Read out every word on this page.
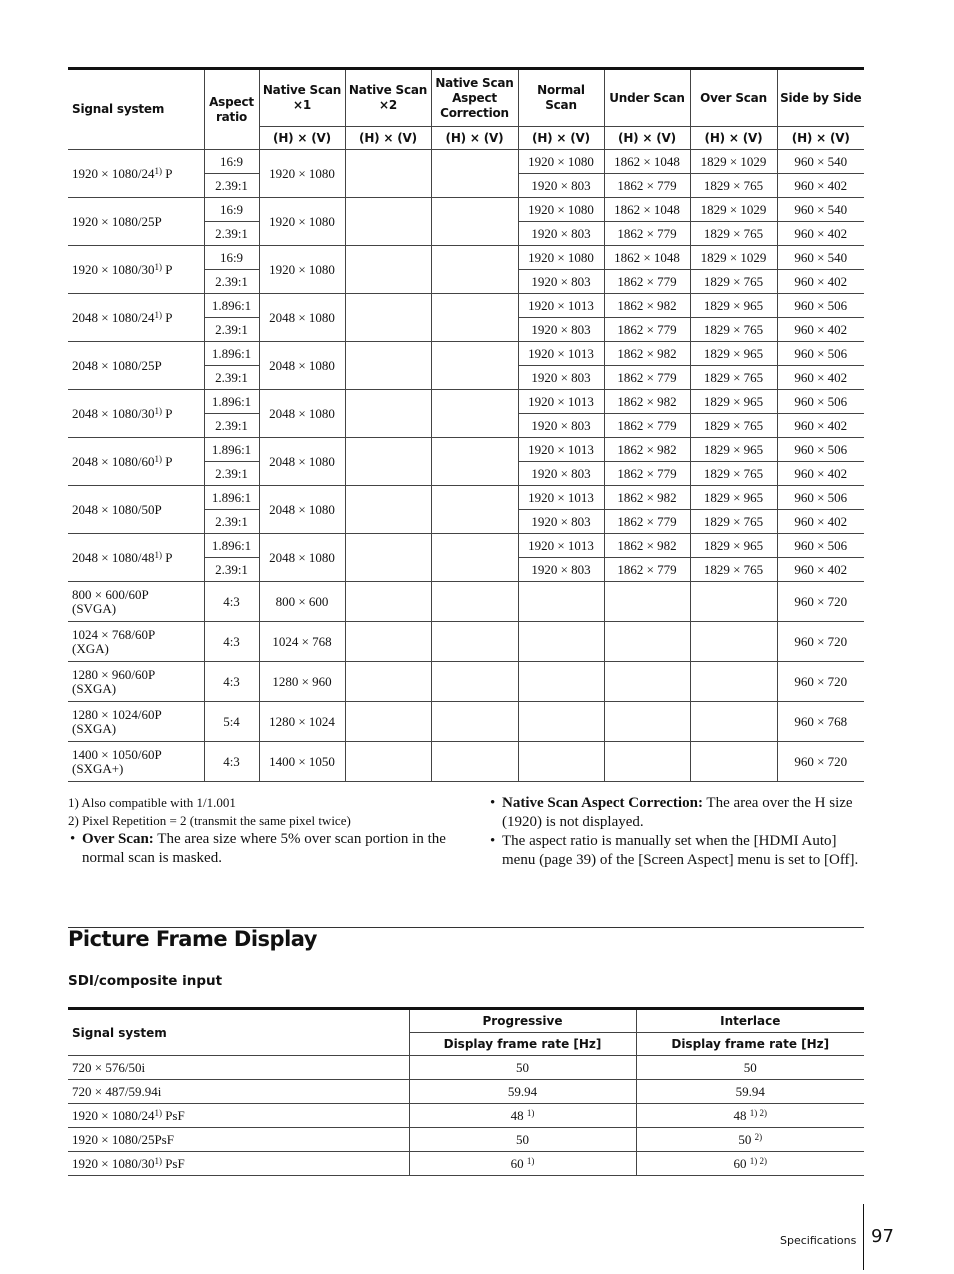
Signal system	Aspect ratio	Native Scan ×1	Native Scan ×2	Native Scan Aspect Correction	Normal Scan	Under Scan	Over Scan	Side by Side
		(H) × (V)	(H) × (V)	(H) × (V)	(H) × (V)	(H) × (V)	(H) × (V)	(H) × (V)
$1920 \times 1080/24^{1)}$ P	16:9	1920 × 1080			1920 × 1080	1862 × 1048	1829 × 1029	960 × 540
	2.39:1				1920 × 803	1862 × 779	1829 × 765	960 × 402
1920 × 1080/25P	16:9	1920 × 1080			1920 × 1080	1862 × 1048	1829 × 1029	960 × 540
	2.39:1				1920 × 803	1862 × 779	1829 × 765	960 × 402
$1920 \times 1080/30^{1)}$ P	16:9	1920 × 1080			1920 × 1080	1862 × 1048	1829 × 1029	960 × 540
	2.39:1				1920 × 803	1862 × 779	1829 × 765	960 × 402
$2048 \times 1080/24^{1)}$ P	1.896:1	2048 × 1080			1920 × 1013	1862 × 982	1829 × 965	960 × 506
	2.39:1				1920 × 803	1862 × 779	1829 × 765	960 × 402
2048 × 1080/25P	1.896:1	2048 × 1080			1920 × 1013	1862 × 982	1829 × 965	960 × 506
	2.39:1				1920 × 803	1862 × 779	1829 × 765	960 × 402
$2048 \times 1080/30^{1)}$ P	1.896:1	2048 × 1080			1920 × 1013	1862 × 982	1829 × 965	960 × 506
	2.39:1				1920 × 803	1862 × 779	1829 × 765	960 × 402
$2048 \times 1080/60^{1)}$ P	1.896:1	2048 × 1080			1920 × 1013	1862 × 982	1829 × 965	960 × 506
	2.39:1				1920 × 803	1862 × 779	1829 × 765	960 × 402
2048 × 1080/50P	1.896:1	2048 × 1080			1920 × 1013	1862 × 982	1829 × 965	960 × 506
	2.39:1				1920 × 803	1862 × 779	1829 × 765	960 × 402
$2048 \times 1080/48^{1)}$ P	1.896:1	2048 × 1080			1920 × 1013	1862 × 982	1829 × 965	960 × 506
	2.39:1				1920 × 803	1862 × 779	1829 × 765	960 × 402

800 × 600/60P
(SVGA)	4:3	800 × 600						960 × 720

1024 × 768/60P
(XGA)	4:3	1024 × 768						960 × 720

1280 × 960/60P
(SXGA)	4:3	1280 × 960						960 × 720

1280 × 1024/60P
(SXGA)	5:4	1280 × 1024						960 × 768

1400 × 1050/60P
(SXGA+)	4:3	1400 × 1050						960 × 720
1) Also compatible with 1/1.001
2) Pixel Repetition = 2 (transmit the same pixel twice)
• Over Scan: The area size where 5% over scan portion in the normal scan is masked.
• Native Scan Aspect Correction: The area over the H size (1920) is not displayed.
• The aspect ratio is manually set when the [HDMI Auto] menu (page 39) of the [Screen Aspect] menu is set to [Off].
Picture Frame Display
SDI/composite input
Signal system	Progressive	Interlace
	Display frame rate [Hz]	Display frame rate [Hz]
720 × 576/50i	50	50
720 × 487/59.94i	59.94	59.94
$1920 \times 1080/24^{1)}$ PsF	48 $^{1)}$	48 $^{1) 2)}$
1920 × 1080/25PsF	50	50 $^{2)}$
$1920 \times 1080/30^{1)}$ PsF	60 $^{1)}$	60 $^{1) 2)}$
Specifications 97
